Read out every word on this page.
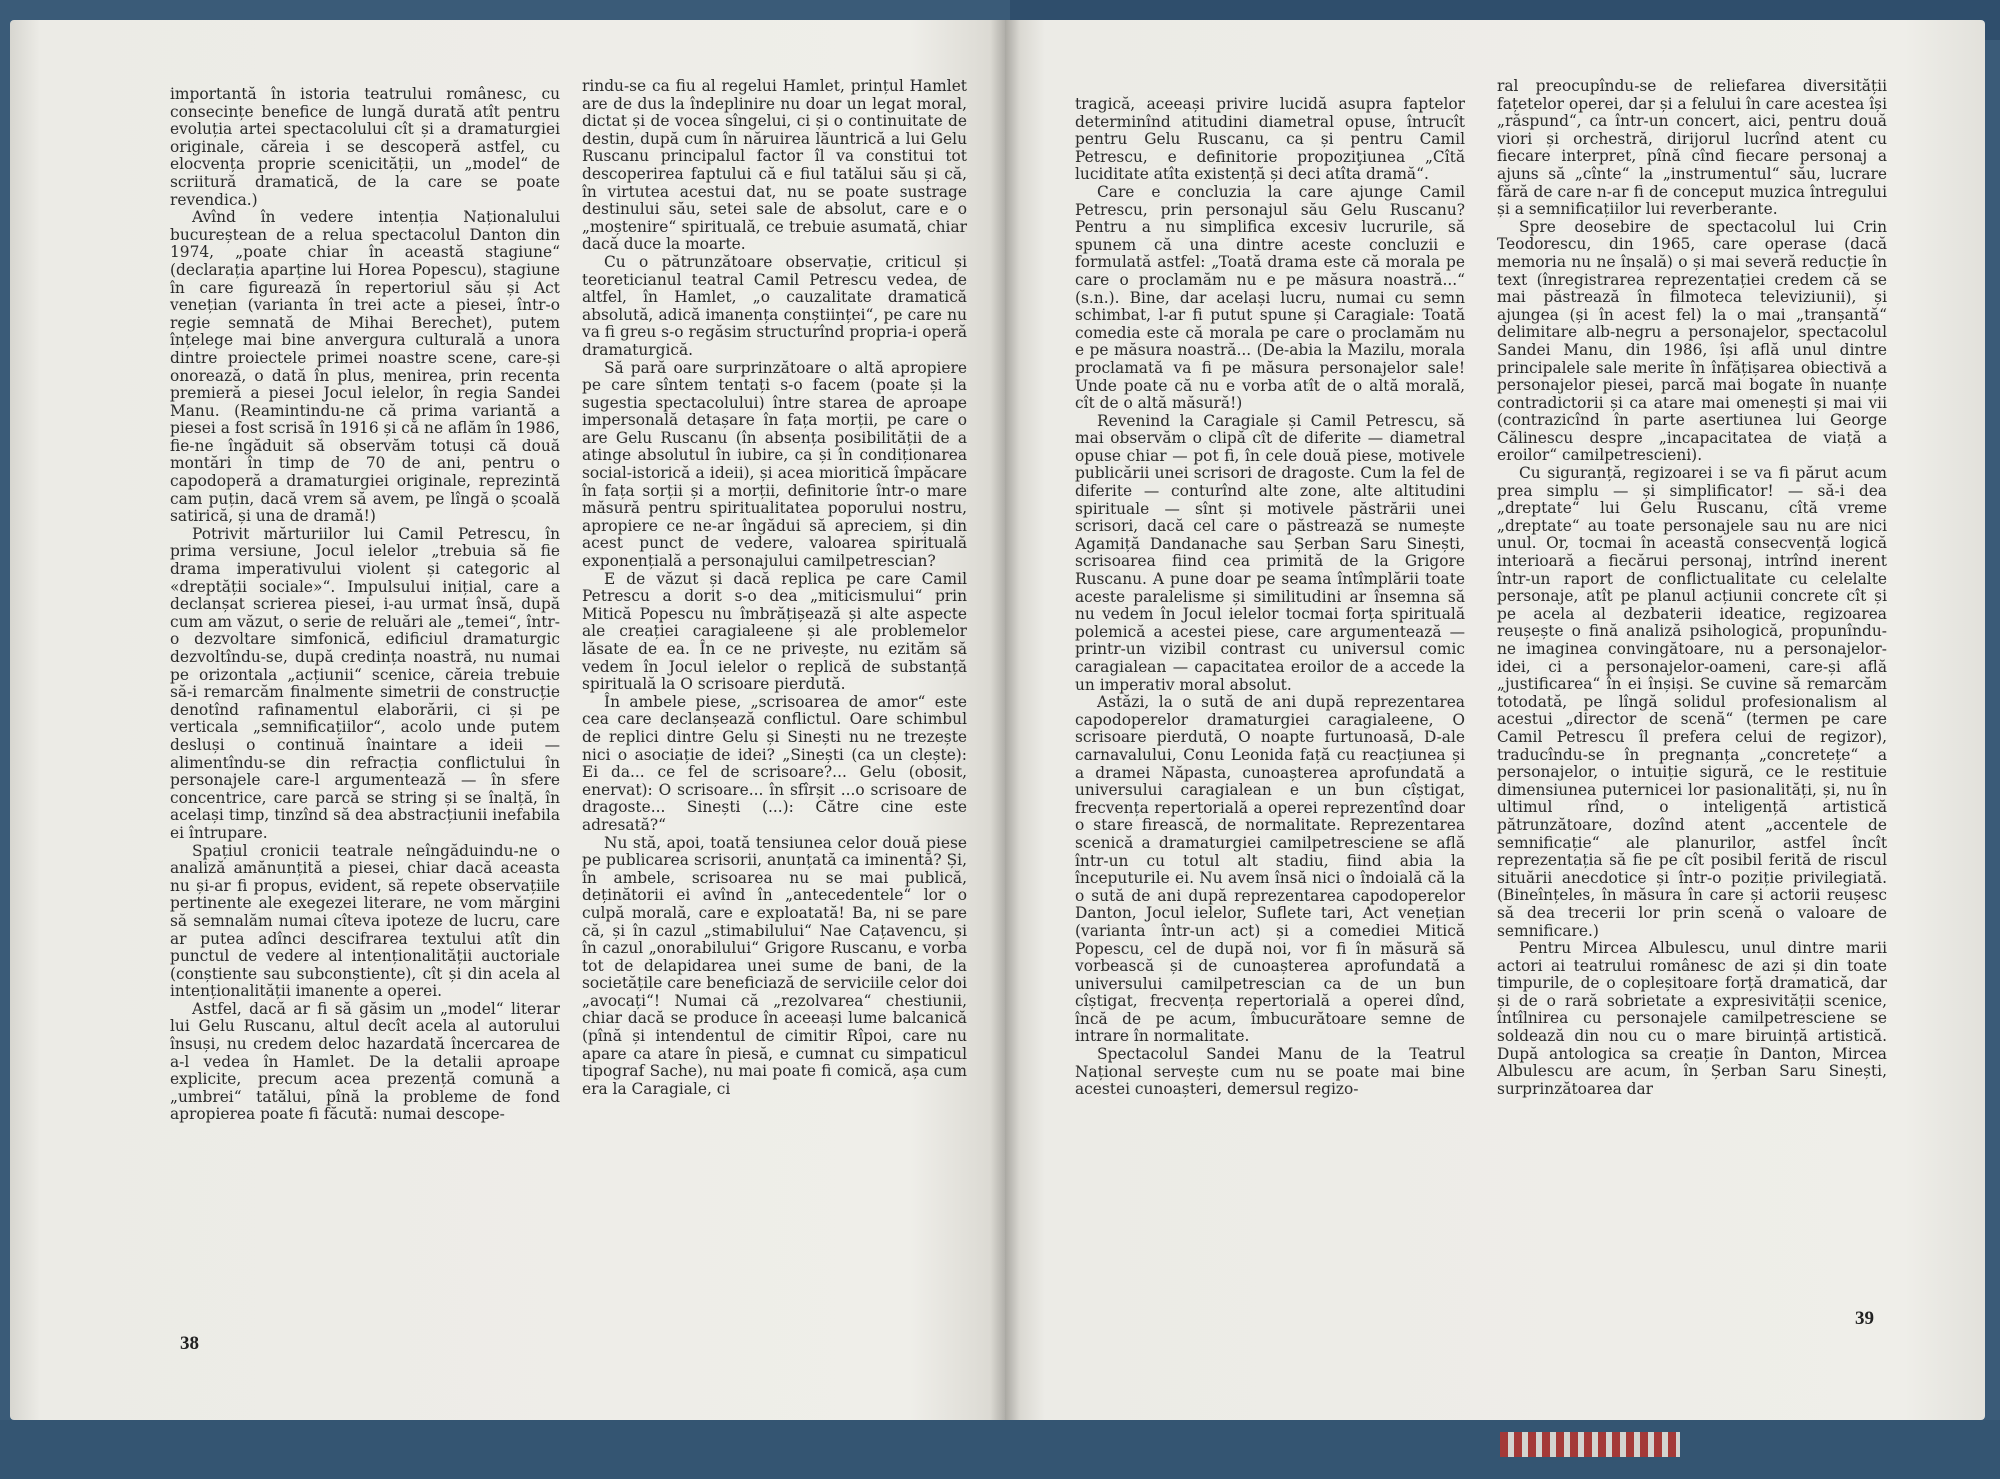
importantă în istoria teatrului românesc, cu consecințe benefice de lungă durată atît pentru evoluția artei spectacolului cît și a dramaturgiei originale, căreia i se descoperă astfel, cu elocvența proprie scenicității, un „model“ de scriitură dramatică, de la care se poate revendica.)

Avînd în vedere intenția Naționalului bucureștean de a relua spectacolul Danton din 1974, „poate chiar în această stagiune“ (declarația aparține lui Horea Popescu), stagiune în care figurează în repertoriul său și Act venețian (varianta în trei acte a piesei, într-o regie semnată de Mihai Berechet), putem înțelege mai bine anvergura culturală a unora dintre proiectele primei noastre scene, care-și onorează, o dată în plus, menirea, prin recenta premieră a piesei Jocul ielelor, în regia Sandei Manu. (Reamintindu-ne că prima variantă a piesei a fost scrisă în 1916 și că ne aflăm în 1986, fie-ne îngăduit să observăm totuși că două montări în timp de 70 de ani, pentru o capodoperă a dramaturgiei originale, reprezintă cam puțin, dacă vrem să avem, pe lîngă o școală satirică, și una de dramă!)

Potrivit mărturiilor lui Camil Petrescu, în prima versiune, Jocul ielelor „trebuia să fie drama imperativului violent și categoric al «dreptății sociale»“. Impulsului inițial, care a declanșat scrierea piesei, i-au urmat însă, după cum am văzut, o serie de reluări ale „temei“, într-o dezvoltare simfonică, edificiul dramaturgic dezvoltîndu-se, după credința noastră, nu numai pe orizontala „acțiunii“ scenice, căreia trebuie să-i remarcăm finalmente simetrii de construcție denotînd rafinamentul elaborării, ci și pe verticala „semnificațiilor“, acolo unde putem desluși o continuă înaintare a ideii — alimentîndu-se din refracția conflictului în personajele care-l argumentează — în sfere concentrice, care parcă se string și se înalță, în același timp, tinzînd să dea abstracțiunii inefabila ei întrupare.

Spațiul cronicii teatrale neîngăduindu-ne o analiză amănunțită a piesei, chiar dacă aceasta nu și-ar fi propus, evident, să repete observațiile pertinente ale exegezei literare, ne vom mărgini să semnalăm numai cîteva ipoteze de lucru, care ar putea adînci descifrarea textului atît din punctul de vedere al intenționalității auctoriale (conștiente sau subconștiente), cît și din acela al intenționalității imanente a operei.

Astfel, dacă ar fi să găsim un „model“ literar lui Gelu Ruscanu, altul decît acela al autorului însuși, nu credem deloc hazardată încercarea de a-l vedea în Hamlet. De la detalii aproape explicite, precum acea prezență comună a „umbrei“ tatălui, pînă la probleme de fond apropierea poate fi făcută: numai descope-

rindu-se ca fiu al regelui Hamlet, prințul Hamlet are de dus la îndeplinire nu doar un legat moral, dictat și de vocea sîngelui, ci și o continuitate de destin, după cum în năruirea lăuntrică a lui Gelu Ruscanu principalul factor îl va constitui tot descoperirea faptului că e fiul tatălui său și că, în virtutea acestui dat, nu se poate sustrage destinului său, setei sale de absolut, care e o „moștenire“ spirituală, ce trebuie asumată, chiar dacă duce la moarte.

Cu o pătrunzătoare observație, criticul și teoreticianul teatral Camil Petrescu vedea, de altfel, în Hamlet, „o cauzalitate dramatică absolută, adică imanența conștiinței“, pe care nu va fi greu s-o regăsim structurînd propria-i operă dramaturgică.

Să pară oare surprinzătoare o altă apropiere pe care sîntem tentați s-o facem (poate și la sugestia spectacolului) între starea de aproape impersonală detașare în fața morții, pe care o are Gelu Ruscanu (în absența posibilității de a atinge absolutul în iubire, ca și în condiționarea social-istorică a ideii), și acea mioritică împăcare în fața sorții și a morții, definitorie într-o mare măsură pentru spiritualitatea poporului nostru, apropiere ce ne-ar îngădui să apreciem, și din acest punct de vedere, valoarea spirituală exponențială a personajului camilpetrescian?

E de văzut și dacă replica pe care Camil Petrescu a dorit s-o dea „miticismului“ prin Mitică Popescu nu îmbrățișează și alte aspecte ale creației caragialeene și ale problemelor lăsate de ea. În ce ne privește, nu ezităm să vedem în Jocul ielelor o replică de substanță spirituală la O scrisoare pierdută.

În ambele piese, „scrisoarea de amor“ este cea care declanșează conflictul. Oare schimbul de replici dintre Gelu și Sinești nu ne trezește nici o asociație de idei? „Sinești (ca un clește): Ei da... ce fel de scrisoare?... Gelu (obosit, enervat): O scrisoare... în sfîrșit ...o scrisoare de dragoste... Sinești (...): Către cine este adresată?“

Nu stă, apoi, toată tensiunea celor două piese pe publicarea scrisorii, anunțată ca iminentă? Și, în ambele, scrisoarea nu se mai publică, deținătorii ei avînd în „antecedentele“ lor o culpă morală, care e exploatată! Ba, ni se pare că, și în cazul „stimabilului“ Nae Cațavencu, și în cazul „onorabilului“ Grigore Ruscanu, e vorba tot de delapidarea unei sume de bani, de la societățile care beneficiază de serviciile celor doi „avocați“! Numai că „rezolvarea“ chestiunii, chiar dacă se produce în aceeași lume balcanică (pînă și intendentul de cimitir Rîpoi, care nu apare ca atare în piesă, e cumnat cu simpaticul tipograf Sache), nu mai poate fi comică, așa cum era la Caragiale, ci

38

tragică, aceeași privire lucidă asupra faptelor determinînd atitudini diametral opuse, întrucît pentru Gelu Ruscanu, ca și pentru Camil Petrescu, e definitorie propoziţiunea „Cîtă luciditate atîta existență și deci atîta dramă“.

Care e concluzia la care ajunge Camil Petrescu, prin personajul său Gelu Ruscanu? Pentru a nu simplifica excesiv lucrurile, să spunem că una dintre aceste concluzii e formulată astfel: „Toată drama este că morala pe care o proclamăm nu e pe măsura noastră...“ (s.n.). Bine, dar același lucru, numai cu semn schimbat, l-ar fi putut spune și Caragiale: Toată comedia este că morala pe care o proclamăm nu e pe măsura noastră... (De-abia la Mazilu, morala proclamată va fi pe măsura personajelor sale! Unde poate că nu e vorba atît de o altă morală, cît de o altă măsură!)

Revenind la Caragiale și Camil Petrescu, să mai observăm o clipă cît de diferite — diametral opuse chiar — pot fi, în cele două piese, motivele publicării unei scrisori de dragoste. Cum la fel de diferite — conturînd alte zone, alte altitudini spirituale — sînt și motivele păstrării unei scrisori, dacă cel care o păstrează se numește Agamiță Dandanache sau Șerban Saru Sinești, scrisoarea fiind cea primită de la Grigore Ruscanu. A pune doar pe seama întîmplării toate aceste paralelisme și similitudini ar însemna să nu vedem în Jocul ielelor tocmai forța spirituală polemică a acestei piese, care argumentează — printr-un vizibil contrast cu universul comic caragialean — capacitatea eroilor de a accede la un imperativ moral absolut.

Astăzi, la o sută de ani după reprezentarea capodoperelor dramaturgiei caragialeene, O scrisoare pierdută, O noapte furtunoasă, D-ale carnavalului, Conu Leonida față cu reacțiunea și a dramei Năpasta, cunoașterea aprofundată a universului caragialean e un bun cîștigat, frecvența repertorială a operei reprezentînd doar o stare firească, de normalitate. Reprezentarea scenică a dramaturgiei camilpetresciene se află într-un cu totul alt stadiu, fiind abia la începuturile ei. Nu avem însă nici o îndoială că la o sută de ani după reprezentarea capodoperelor Danton, Jocul ielelor, Suflete tari, Act venețian (varianta într-un act) și a comediei Mitică Popescu, cel de după noi, vor fi în măsură să vorbească și de cunoașterea aprofundată a universului camilpetrescian ca de un bun cîștigat, frecvența repertorială a operei dînd, încă de pe acum, îmbucurătoare semne de intrare în normalitate.

Spectacolul Sandei Manu de la Teatrul Național servește cum nu se poate mai bine acestei cunoașteri, demersul regizo-

ral preocupîndu-se de reliefarea diversității fațetelor operei, dar și a felului în care acestea își „răspund“, ca într-un concert, aici, pentru două viori și orchestră, dirijorul lucrînd atent cu fiecare interpret, pînă cînd fiecare personaj a ajuns să „cînte“ la „instrumentul“ său, lucrare fără de care n-ar fi de conceput muzica întregului și a semnificațiilor lui reverberante.

Spre deosebire de spectacolul lui Crin Teodorescu, din 1965, care operase (dacă memoria nu ne înșală) o și mai severă reducție în text (înregistrarea reprezentației credem că se mai păstrează în filmoteca televiziunii), și ajungea (și în acest fel) la o mai „tranșantă“ delimitare alb-negru a personajelor, spectacolul Sandei Manu, din 1986, își află unul dintre principalele sale merite în înfățișarea obiectivă a personajelor piesei, parcă mai bogate în nuanțe contradictorii și ca atare mai omenești și mai vii (contrazicînd în parte asertiunea lui George Călinescu despre „incapacitatea de viață a eroilor“ camilpetrescieni).

Cu siguranță, regizoarei i se va fi părut acum prea simplu — și simplificator! — să-i dea „dreptate“ lui Gelu Ruscanu, cîtă vreme „dreptate“ au toate personajele sau nu are nici unul. Or, tocmai în această consecvență logică interioară a fiecărui personaj, intrînd inerent într-un raport de conflictualitate cu celelalte personaje, atît pe planul acțiunii concrete cît și pe acela al dezbaterii ideatice, regizoarea reușește o fină analiză psihologică, propunîndu-ne imaginea convingătoare, nu a personajelor-idei, ci a personajelor-oameni, care-și află „justificarea“ în ei înșiși. Se cuvine să remarcăm totodată, pe lîngă solidul profesionalism al acestui „director de scenă“ (termen pe care Camil Petrescu îl prefera celui de regizor), traducîndu-se în pregnanța „concretețe“ a personajelor, o intuiție sigură, ce le restituie dimensiunea puternicei lor pasionalități, și, nu în ultimul rînd, o inteligență artistică pătrunzătoare, dozînd atent „accentele de semnificație“ ale planurilor, astfel încît reprezentația să fie pe cît posibil ferită de riscul situării anecdotice și într-o poziție privilegiată. (Bineînțeles, în măsura în care și actorii reușesc să dea trecerii lor prin scenă o valoare de semnificare.)

Pentru Mircea Albulescu, unul dintre marii actori ai teatrului românesc de azi și din toate timpurile, de o copleșitoare forță dramatică, dar și de o rară sobrietate a expresivității scenice, întîlnirea cu personajele camilpetresciene se soldează din nou cu o mare biruință artistică. După antologica sa creație în Danton, Mircea Albulescu are acum, în Șerban Saru Sinești, surprinzătoarea dar

39
